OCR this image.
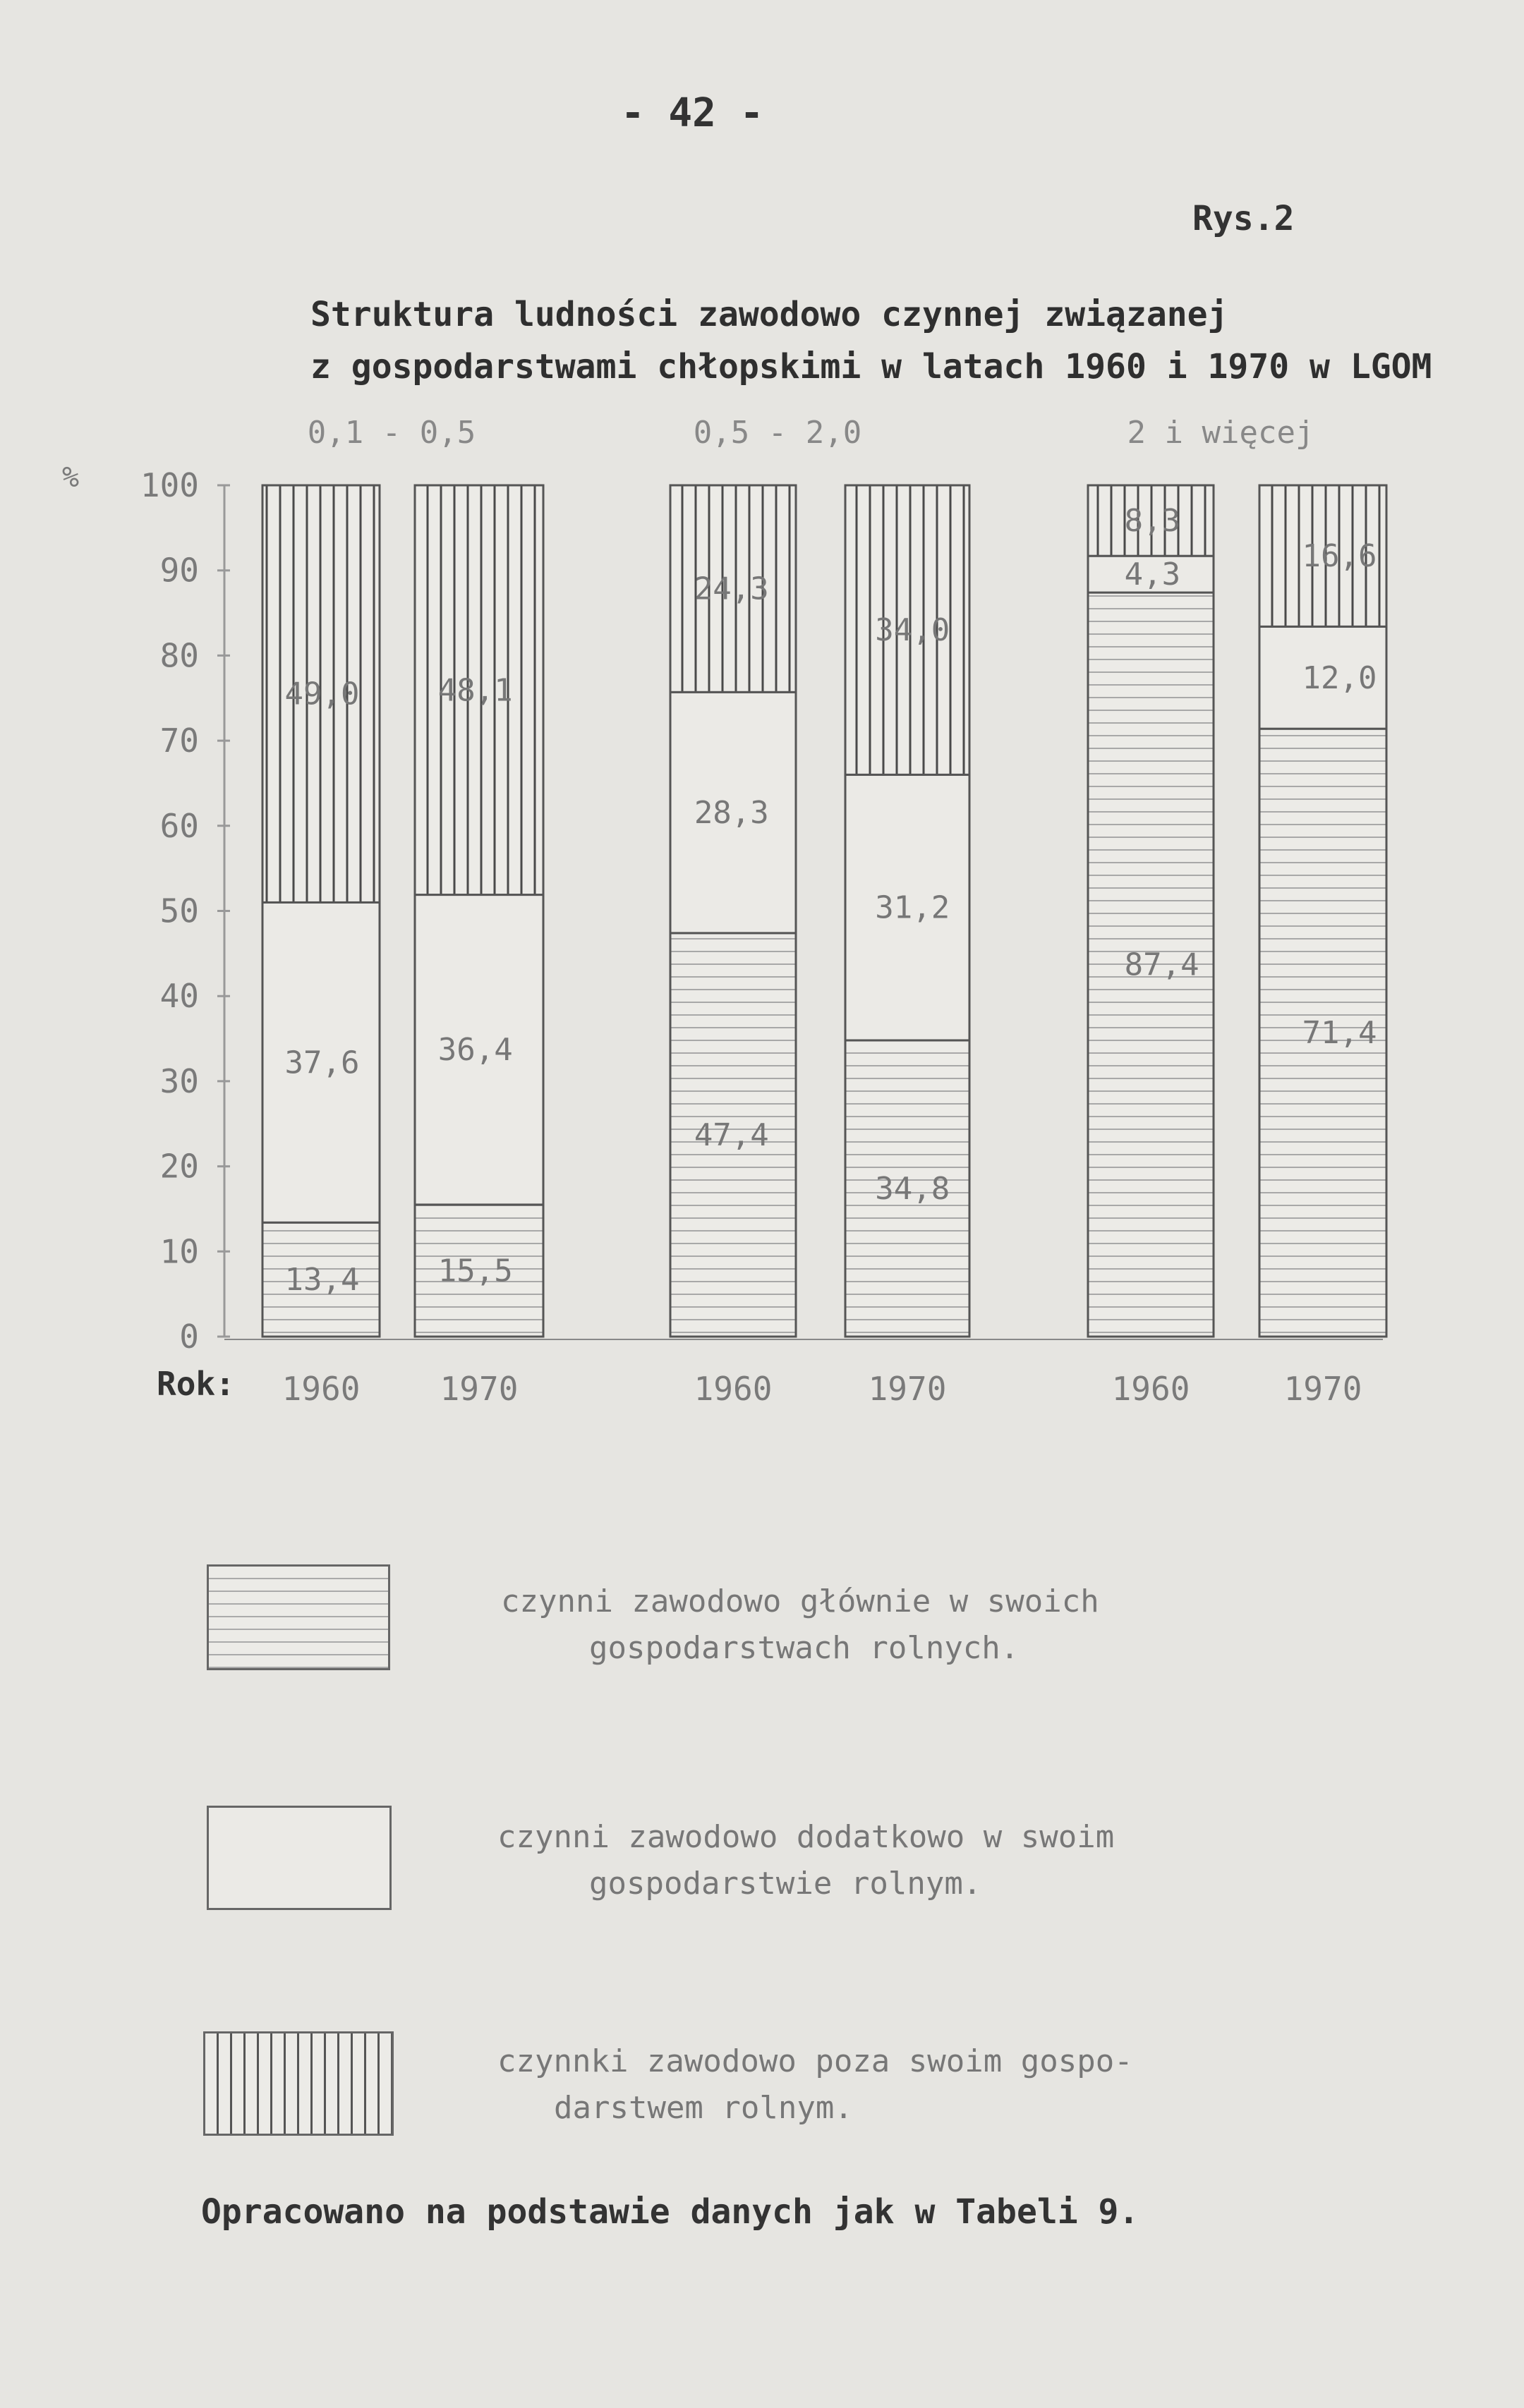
- 42 -

Rys.2

Struktura ludności zawodowo czynnej związanej

z gospodarstwami chłopskimi w latach 1960 i 1970 w LGOM

0
10
20
30
40
50
60
70
80
90
100
%
13,4
37,6
49,0
1960
15,5
36,4
48,1
1970
47,4
28,3
24,3
1960
34,8
31,2
34,0
1970
87,4
4,3
8,3
1960
71,4
12,0
16,6
1970
Rok:
0,1 - 0,5	0,5 - 2,0	2 i więcej
czynni zawodowo głównie w swoich
gospodarstwach rolnych.
czynni zawodowo dodatkowo w swoim
gospodarstwie rolnym.
czynnki zawodowo poza swoim gospo-
darstwem rolnym.

Opracowano na podstawie danych jak w Tabeli 9.
